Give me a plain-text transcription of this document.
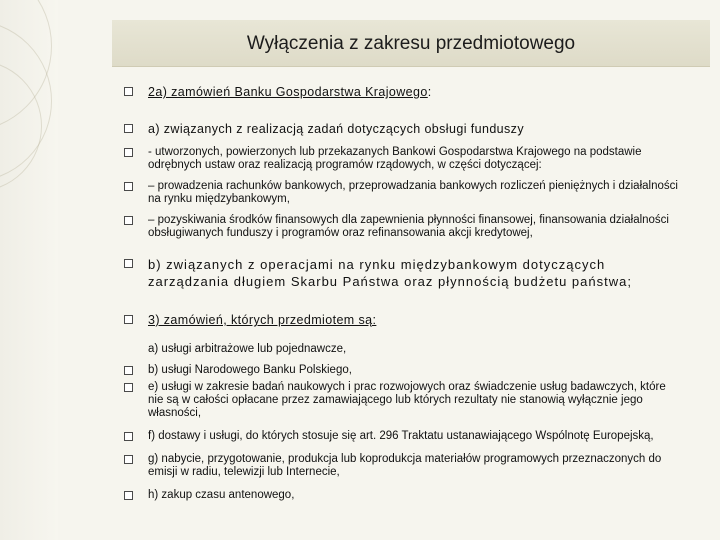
Wyłączenia z zakresu przedmiotowego
2a) zamówień Banku Gospodarstwa Krajowego:
a) związanych z realizacją zadań dotyczących obsługi funduszy
- utworzonych, powierzonych lub przekazanych Bankowi Gospodarstwa Krajowego na podstawie odrębnych ustaw oraz realizacją programów rządowych, w części dotyczącej:
– prowadzenia rachunków bankowych, przeprowadzania bankowych rozliczeń pieniężnych i działalności na rynku międzybankowym,
– pozyskiwania środków finansowych dla zapewnienia płynności finansowej, finansowania działalności obsługiwanych funduszy i programów oraz refinansowania akcji kredytowej,
b) związanych z operacjami na rynku międzybankowym dotyczących zarządzania długiem Skarbu Państwa oraz płynnością budżetu państwa;
3) zamówień, których przedmiotem są:
a) usługi arbitrażowe lub pojednawcze,
b) usługi Narodowego Banku Polskiego,
e) usługi w zakresie badań naukowych i prac rozwojowych oraz świadczenie usług badawczych, które nie są w całości opłacane przez zamawiającego lub których rezultaty nie stanowią wyłącznie jego własności,
f) dostawy i usługi, do których stosuje się art. 296 Traktatu ustanawiającego Wspólnotę Europejską,
g) nabycie, przygotowanie, produkcja lub koprodukcja materiałów programowych przeznaczonych do emisji w radiu, telewizji lub Internecie,
h) zakup czasu antenowego,
